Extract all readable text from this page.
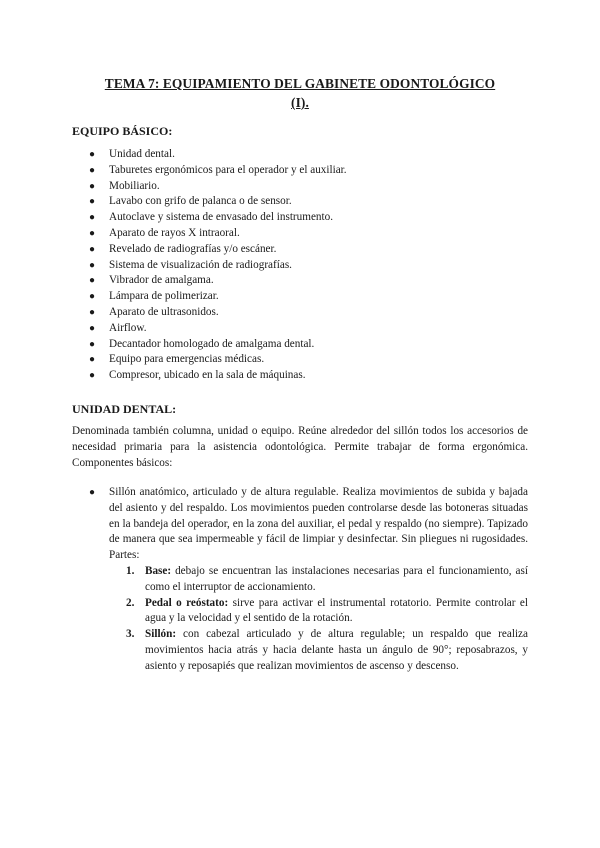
TEMA 7: EQUIPAMIENTO DEL GABINETE ODONTOLÓGICO
(I).
EQUIPO BÁSICO:
● Unidad dental.
● Taburetes ergonómicos para el operador y el auxiliar.
● Mobiliario.
● Lavabo con grifo de palanca o de sensor.
● Autoclave y sistema de envasado del instrumento.
● Aparato de rayos X intraoral.
● Revelado de radiografías y/o escáner.
● Sistema de visualización de radiografías.
● Vibrador de amalgama.
● Lámpara de polimerizar.
● Aparato de ultrasonidos.
● Airflow.
● Decantador homologado de amalgama dental.
● Equipo para emergencias médicas.
● Compresor, ubicado en la sala de máquinas.
UNIDAD DENTAL:
Denominada también columna, unidad o equipo. Reúne alrededor del sillón todos los accesorios de necesidad primaria para la asistencia odontológica. Permite trabajar de forma ergonómica. Componentes básicos:
● Sillón anatómico, articulado y de altura regulable. Realiza movimientos de subida y bajada del asiento y del respaldo. Los movimientos pueden controlarse desde las botoneras situadas en la bandeja del operador, en la zona del auxiliar, el pedal y respaldo (no siempre). Tapizado de manera que sea impermeable y fácil de limpiar y desinfectar. Sin pliegues ni rugosidades. Partes:
1. Base: debajo se encuentran las instalaciones necesarias para el funcionamiento, así como el interruptor de accionamiento.
2. Pedal o reóstato: sirve para activar el instrumental rotatorio. Permite controlar el agua y la velocidad y el sentido de la rotación.
3. Sillón: con cabezal articulado y de altura regulable; un respaldo que realiza movimientos hacia atrás y hacia delante hasta un ángulo de 90°; reposabrazos, y asiento y reposapiés que realizan movimientos de ascenso y descenso.
